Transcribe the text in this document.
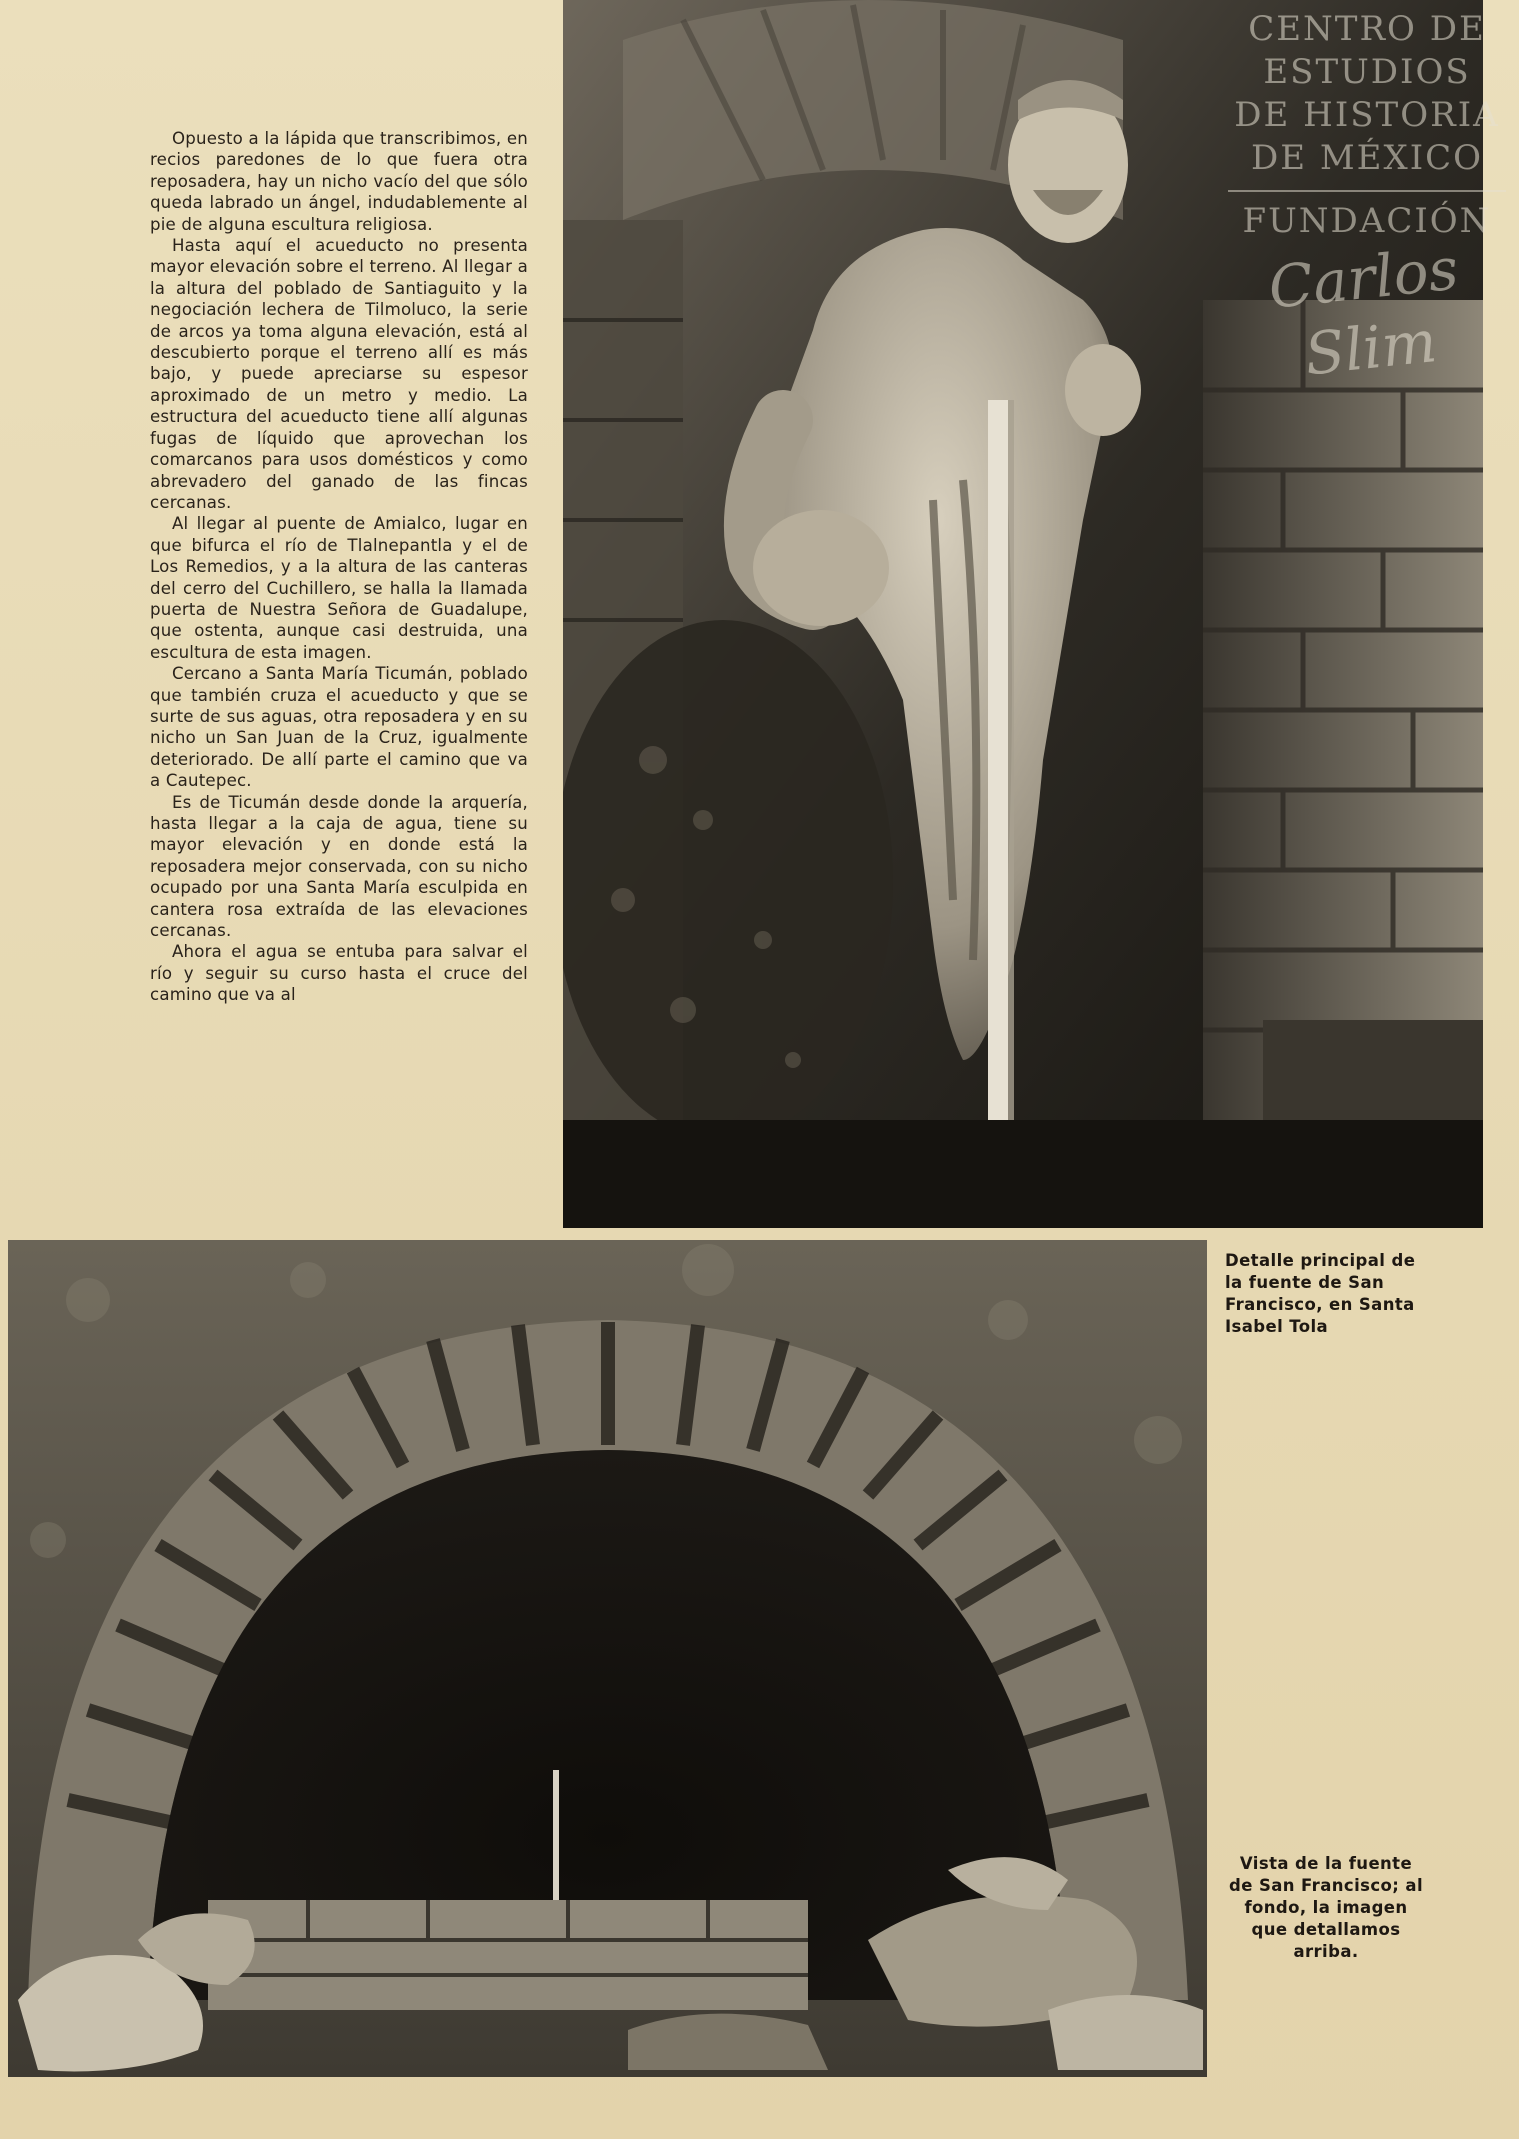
Opuesto a la lápida que transcribimos, en recios paredones de lo que fuera otra reposadera, hay un nicho vacío del que sólo queda labrado un ángel, indudablemente al pie de alguna escultura religiosa.

Hasta aquí el acueducto no presenta mayor elevación sobre el terreno. Al llegar a la altura del poblado de Santiaguito y la negociación lechera de Tilmoluco, la serie de arcos ya toma alguna elevación, está al descubierto porque el terreno allí es más bajo, y puede apreciarse su espesor aproximado de un metro y medio. La estructura del acueducto tiene allí algunas fugas de líquido que aprovechan los comarcanos para usos domésticos y como abrevadero del ganado de las fincas cercanas.

Al llegar al puente de Amialco, lugar en que bifurca el río de Tlalnepantla y el de Los Remedios, y a la altura de las canteras del cerro del Cuchillero, se halla la llamada puerta de Nuestra Señora de Guadalupe, que ostenta, aunque casi destruida, una escultura de esta imagen.

Cercano a Santa María Ticumán, poblado que también cruza el acueducto y que se surte de sus aguas, otra reposadera y en su nicho un San Juan de la Cruz, igualmente deteriorado. De allí parte el camino que va a Cautepec.

Es de Ticumán desde donde la arquería, hasta llegar a la caja de agua, tiene su mayor elevación y en donde está la reposadera mejor conservada, con su nicho ocupado por una Santa María esculpida en cantera rosa extraída de las elevaciones cercanas.

Ahora el agua se entuba para salvar el río y seguir su curso hasta el cruce del camino que va al

CENTRO DE
ESTUDIOS
DE HISTORIA
DE MÉXICO
FUNDACIÓN
Carlos Slim
Detalle principal de la fuente de San Francisco, en Santa Isabel Tola
Vista de la fuente de San Francisco; al fondo, la imagen que detallamos arriba.
